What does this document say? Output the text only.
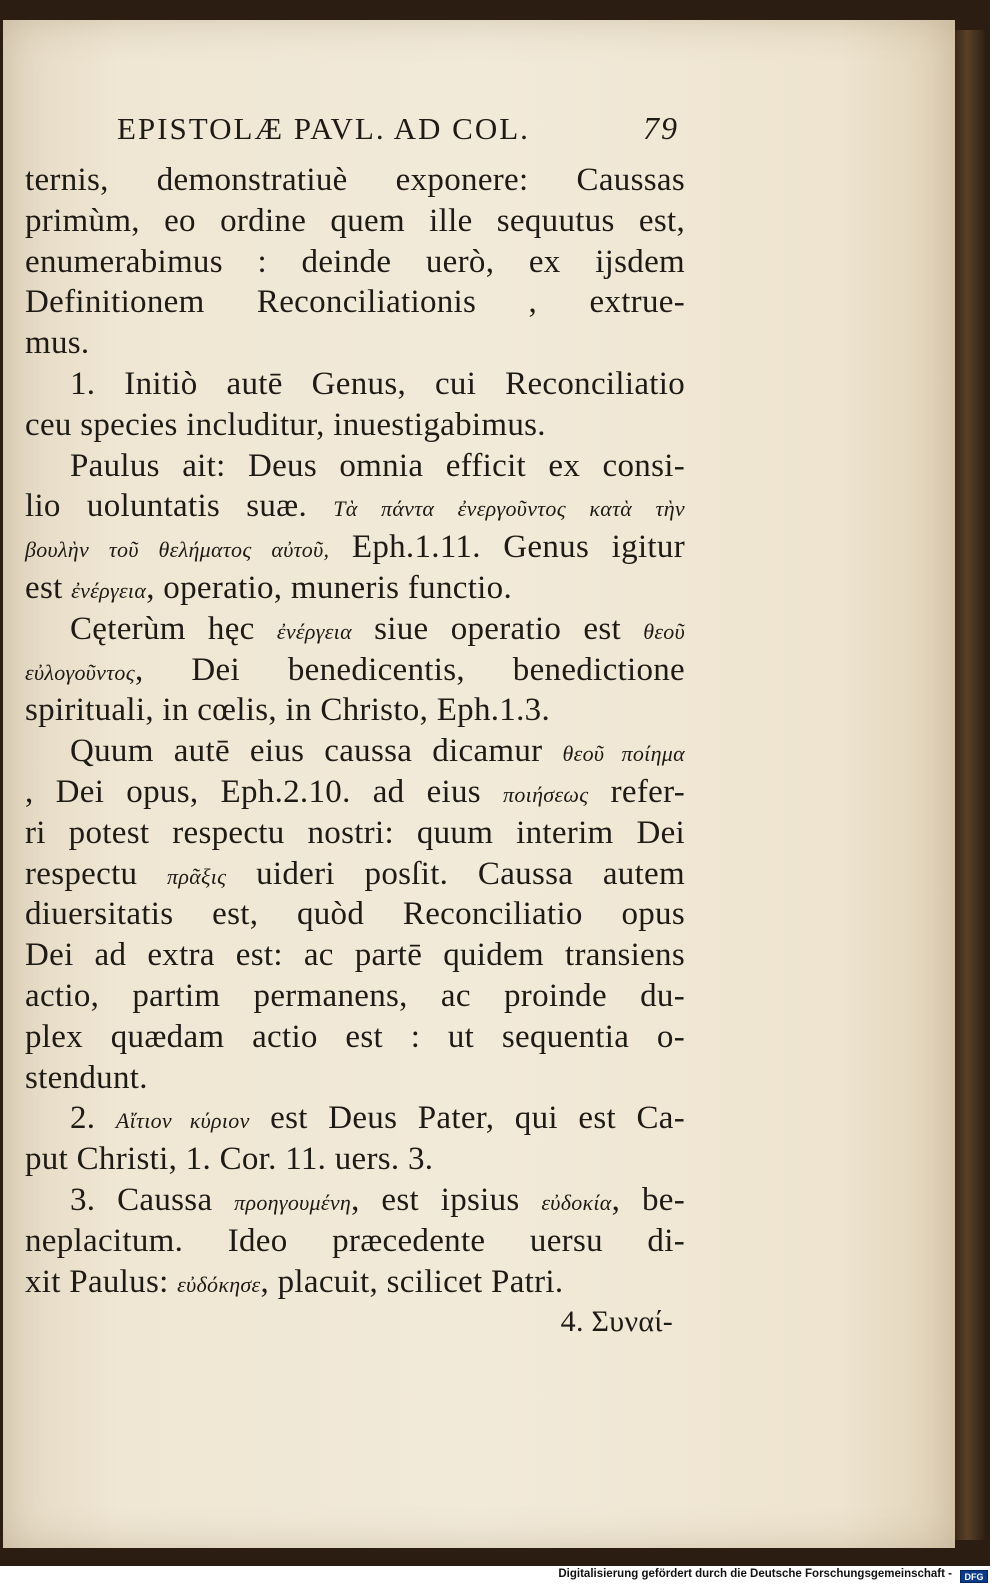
EPISTOLÆ PAVL. AD COL.	79
ternis, demonstratiuè exponere: Caussas
primùm, eo ordine quem ille sequutus est,
enumerabimus : deinde uerò, ex ijsdem
Definitionem Reconciliationis , extrue-
mus.
1. Initiò autē Genus, cui Reconciliatio
ceu species includitur, inuestigabimus.
Paulus ait: Deus omnia efficit ex consi-
lio uoluntatis suæ. Τὰ πάντα ἐνεργοῦντος κατὰ τὴν
βουλὴν τοῦ θελήματος αὐτοῦ, Eph.1.11. Genus igitur
est ἐνέργεια, operatio, muneris functio.
Cęterùm hęc ἐνέργεια siue operatio est θεοῦ
εὐλογοῦντος, Dei benedicentis, benedictione
spirituali, in cœlis, in Christo, Eph.1.3.
Quum autē eius caussa dicamur θεοῦ ποίημα
, Dei opus, Eph.2.10. ad eius ποιήσεως refer-
ri potest respectu nostri: quum interim Dei
respectu πρᾶξις uideri posſit. Caussa autem
diuersitatis est, quòd Reconciliatio opus
Dei ad extra est: ac partē quidem transiens
actio, partim permanens, ac proinde du-
plex quædam actio est : ut sequentia o-
stendunt.
2. Αἴτιον κύριον est Deus Pater, qui est Ca-
put Christi, 1. Cor. 11. uers. 3.
3. Caussa προηγουμένη, est ipsius εὐδοκία, be-
neplacitum. Ideo præcedente uersu di-
xit Paulus: εὐδόκησε, placuit, scilicet Patri.
4. Συναί-
Digitalisierung gefördert durch die Deutsche Forschungsgemeinschaft -	DFG
